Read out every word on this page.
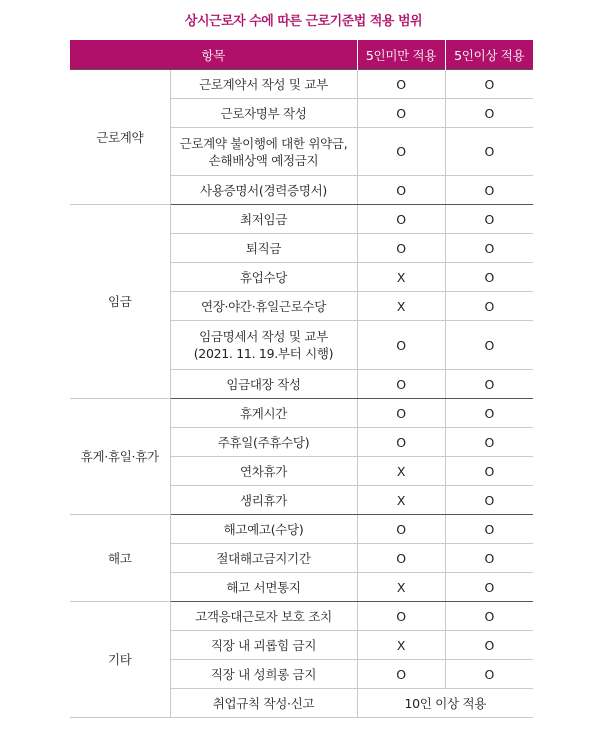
상시근로자 수에 따른 근로기준법 적용 범위
항목		5인미만 적용	5인이상 적용
근로계약	근로계약서 작성 및 교부	O	O
	근로자명부 작성	O	O
	근로계약 불이행에 대한 위약금,
손해배상액 예정금지	O	O
	사용증명서(경력증명서)	O	O
임금	최저임금	O	O
	퇴직금	O	O
	휴업수당	X	O
	연장·야간·휴일근로수당	X	O
	임금명세서 작성 및 교부
(2021. 11. 19.부터 시행)	O	O
	임금대장 작성	O	O
휴게·휴일·휴가	휴게시간	O	O
	주휴일(주휴수당)	O	O
	연차휴가	X	O
	생리휴가	X	O
해고	해고예고(수당)	O	O
	절대해고금지기간	O	O
	해고 서면통지	X	O
기타	고객응대근로자 보호 조치	O	O
	직장 내 괴롭힘 금지	X	O
	직장 내 성희롱 금지	O	O
	취업규칙 작성·신고	10인 이상 적용	
